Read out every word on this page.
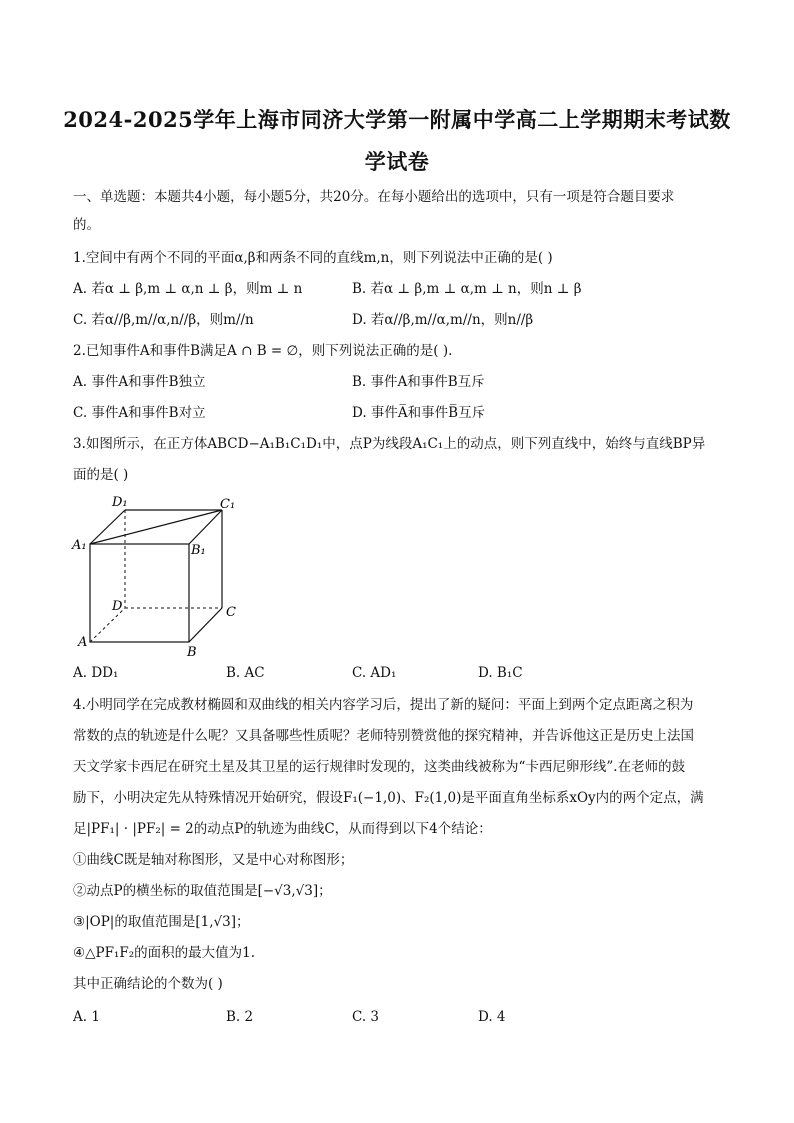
2024-2025学年上海市同济大学第一附属中学高二上学期期末考试数
学试卷
一、单选题：本题共4小题，每小题5分，共20分。在每小题给出的选项中，只有一项是符合题目要求
的。
1.空间中有两个不同的平面α,β和两条不同的直线m,n，则下列说法中正确的是( )
A. 若α ⊥ β,m ⊥ α,n ⊥ β，则m ⊥ n	B. 若α ⊥ β,m ⊥ α,m ⊥ n，则n ⊥ β
C. 若α//β,m//α,n//β，则m//n	D. 若α//β,m//α,m//n，则n//β
2.已知事件A和事件B满足A ∩ B = ∅，则下列说法正确的是( ).
A. 事件A和事件B独立	B. 事件A和事件B互斥
C. 事件A和事件B对立	D. 事件A̅和事件B̅互斥
3.如图所示，在正方体ABCD−A₁B₁C₁D₁中，点P为线段A₁C₁上的动点，则下列直线中，始终与直线BP异
面的是( )
D₁	C₁
A₁	B₁
D	C
A
B
A. DD₁	B. AC	C. AD₁	D. B₁C
4.小明同学在完成教材椭圆和双曲线的相关内容学习后，提出了新的疑问：平面上到两个定点距离之积为
常数的点的轨迹是什么呢？又具备哪些性质呢？老师特别赞赏他的探究精神，并告诉他这正是历史上法国
天文学家卡西尼在研究土星及其卫星的运行规律时发现的，这类曲线被称为“卡西尼卵形线”.在老师的鼓
励下，小明决定先从特殊情况开始研究，假设F₁(−1,0)、F₂(1,0)是平面直角坐标系xOy内的两个定点，满
足|PF₁| · |PF₂| = 2的动点P的轨迹为曲线C，从而得到以下4个结论：
①曲线C既是轴对称图形，又是中心对称图形；
②动点P的横坐标的取值范围是[−√3,√3]；
③|OP|的取值范围是[1,√3]；
④△PF₁F₂的面积的最大值为1.
其中正确结论的个数为( )
A. 1	B. 2	C. 3	D. 4
